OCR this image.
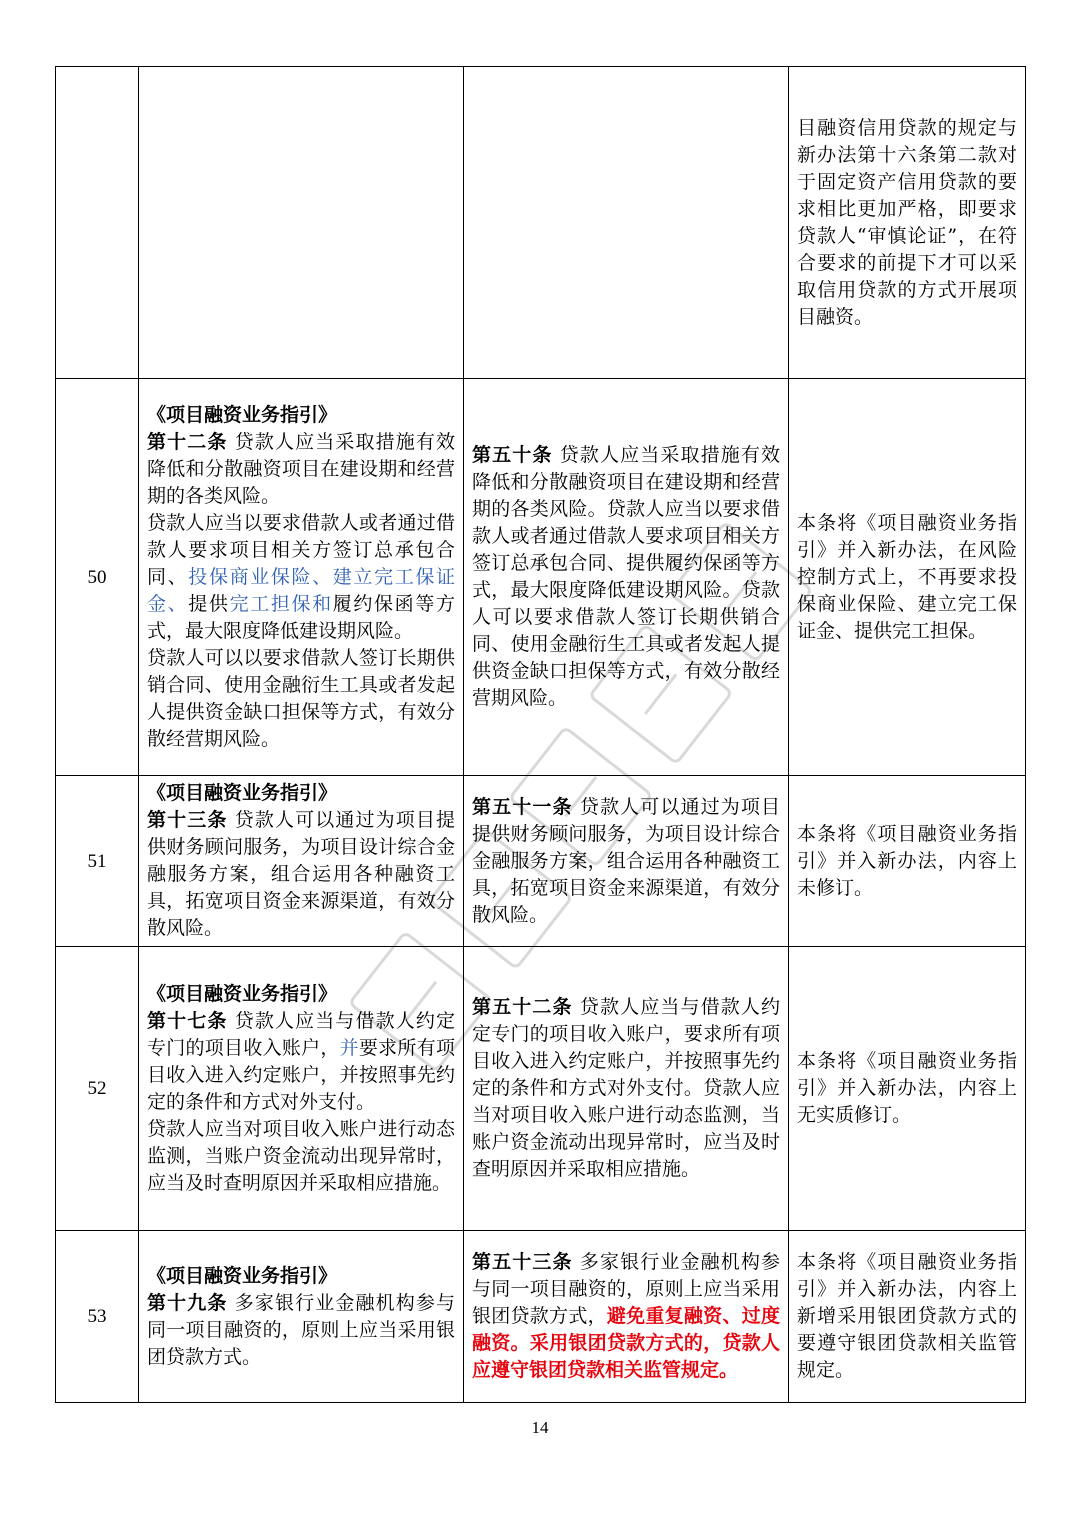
			目融资信用贷款的规定与新办法第十六条第二款对于固定资产信用贷款的要求相比更加严格，即要求贷款人“审慎论证”，在符合要求的前提下才可以采取信用贷款的方式开展项目融资。
50	《项目融资业务指引》
第十二条 贷款人应当采取措施有效降低和分散融资项目在建设期和经营期的各类风险。
贷款人应当以要求借款人或者通过借款人要求项目相关方签订总承包合同、投保商业保险、建立完工保证金、提供完工担保和履约保函等方式，最大限度降低建设期风险。
贷款人可以以要求借款人签订长期供销合同、使用金融衍生工具或者发起人提供资金缺口担保等方式，有效分散经营期风险。	第五十条 贷款人应当采取措施有效降低和分散融资项目在建设期和经营期的各类风险。贷款人应当以要求借款人或者通过借款人要求项目相关方签订总承包合同、提供履约保函等方式，最大限度降低建设期风险。贷款人可以要求借款人签订长期供销合同、使用金融衍生工具或者发起人提供资金缺口担保等方式，有效分散经营期风险。	本条将《项目融资业务指引》并入新办法，在风险控制方式上，不再要求投保商业保险、建立完工保证金、提供完工担保。
51	《项目融资业务指引》
第十三条 贷款人可以通过为项目提供财务顾问服务，为项目设计综合金融服务方案，组合运用各种融资工具，拓宽项目资金来源渠道，有效分散风险。	第五十一条 贷款人可以通过为项目提供财务顾问服务，为项目设计综合金融服务方案，组合运用各种融资工具，拓宽项目资金来源渠道，有效分散风险。	本条将《项目融资业务指引》并入新办法，内容上未修订。
52	《项目融资业务指引》
第十七条 贷款人应当与借款人约定专门的项目收入账户，并要求所有项目收入进入约定账户，并按照事先约定的条件和方式对外支付。
贷款人应当对项目收入账户进行动态监测，当账户资金流动出现异常时，应当及时查明原因并采取相应措施。	第五十二条 贷款人应当与借款人约定专门的项目收入账户，要求所有项目收入进入约定账户，并按照事先约定的条件和方式对外支付。贷款人应当对项目收入账户进行动态监测，当账户资金流动出现异常时，应当及时查明原因并采取相应措施。	本条将《项目融资业务指引》并入新办法，内容上无实质修订。
53	《项目融资业务指引》
第十九条 多家银行业金融机构参与同一项目融资的，原则上应当采用银团贷款方式。	第五十三条 多家银行业金融机构参与同一项目融资的，原则上应当采用银团贷款方式，避免重复融资、过度融资。采用银团贷款方式的，贷款人应遵守银团贷款相关监管规定。	本条将《项目融资业务指引》并入新办法，内容上新增采用银团贷款方式的要遵守银团贷款相关监管规定。
14
